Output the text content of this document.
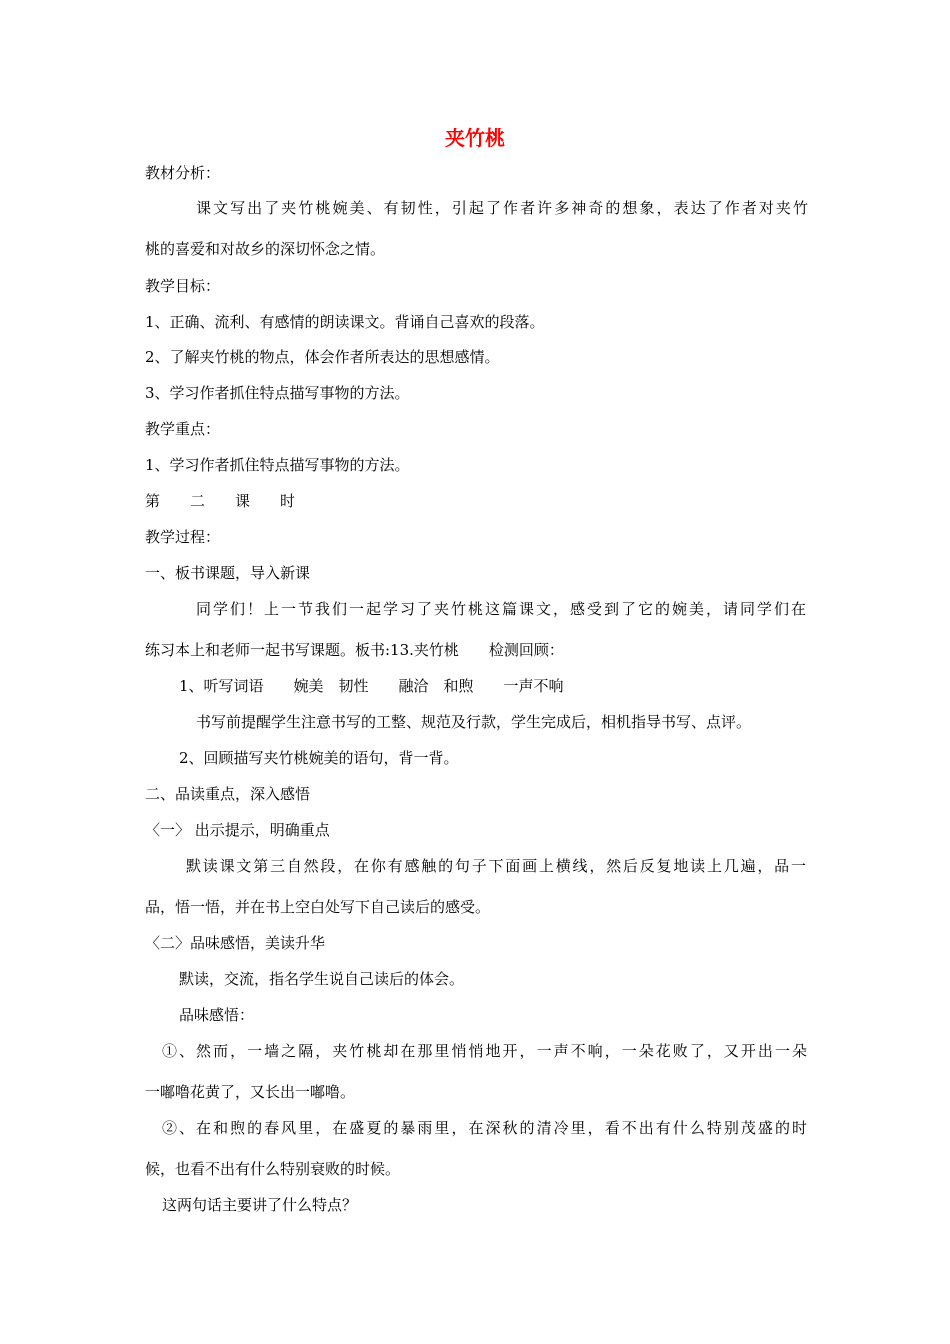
夹竹桃
教材分析：
课文写出了夹竹桃婉美、有韧性，引起了作者许多神奇的想象，表达了作者对夹竹
桃的喜爱和对故乡的深切怀念之情。
教学目标：
1、正确、流利、有感情的朗读课文。背诵自己喜欢的段落。
2、了解夹竹桃的物点，体会作者所表达的思想感情。
3、学习作者抓住特点描写事物的方法。
教学重点：
1、学习作者抓住特点描写事物的方法。
第　　二　　课　　时
教学过程：
一、板书课题，导入新课
同学们！上一节我们一起学习了夹竹桃这篇课文，感受到了它的婉美，请同学们在
练习本上和老师一起书写课题。板书:13.夹竹桃　　检测回顾：
1、听写词语　　婉美　韧性　　融洽　和煦　　一声不响
书写前提醒学生注意书写的工整、规范及行款，学生完成后，相机指导书写、点评。
2、回顾描写夹竹桃婉美的语句，背一背。
二、品读重点，深入感悟
〈一〉 出示提示，明确重点
默读课文第三自然段，在你有感触的句子下面画上横线，然后反复地读上几遍，品一
品，悟一悟，并在书上空白处写下自己读后的感受。
〈二〉品味感悟，美读升华
默读，交流，指名学生说自己读后的体会。
品味感悟：
①、然而，一墙之隔，夹竹桃却在那里悄悄地开，一声不响，一朵花败了，又开出一朵
一嘟噜花黄了，又长出一嘟噜。
②、在和煦的春风里，在盛夏的暴雨里，在深秋的清冷里，看不出有什么特别茂盛的时
候，也看不出有什么特别衰败的时候。
这两句话主要讲了什么特点？
